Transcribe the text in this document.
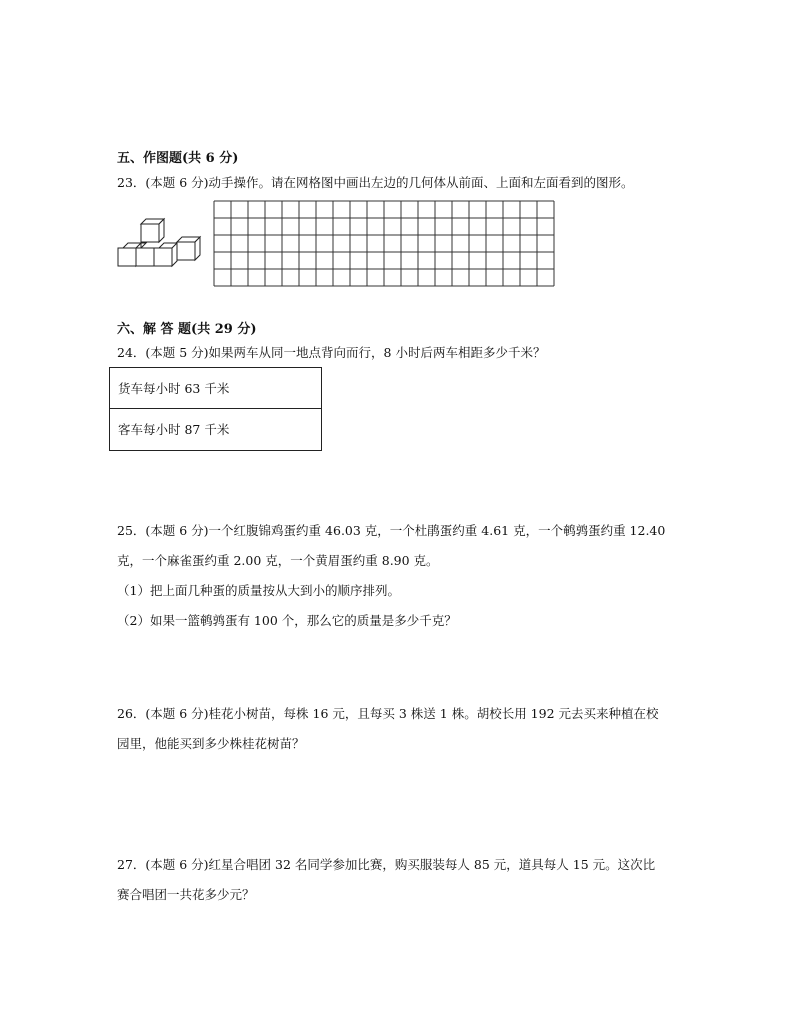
五、作图题(共 6 分)
23．(本题 6 分)动手操作。请在网格图中画出左边的几何体从前面、上面和左面看到的图形。
六、解 答 题(共 29 分)
24．(本题 5 分)如果两车从同一地点背向而行，8 小时后两车相距多少千米？
货车每小时 63 千米
客车每小时 87 千米
25．(本题 6 分)一个红腹锦鸡蛋约重 46.03 克，一个杜鹃蛋约重 4.61 克，一个鹌鹑蛋约重 12.40
克，一个麻雀蛋约重 2.00 克，一个黄眉蛋约重 8.90 克。
（1）把上面几种蛋的质量按从大到小的顺序排列。
（2）如果一篮鹌鹑蛋有 100 个，那么它的质量是多少千克？
26．(本题 6 分)桂花小树苗，每株 16 元，且每买 3 株送 1 株。胡校长用 192 元去买来种植在校
园里，他能买到多少株桂花树苗？
27．(本题 6 分)红星合唱团 32 名同学参加比赛，购买服装每人 85 元，道具每人 15 元。这次比
赛合唱团一共花多少元？
